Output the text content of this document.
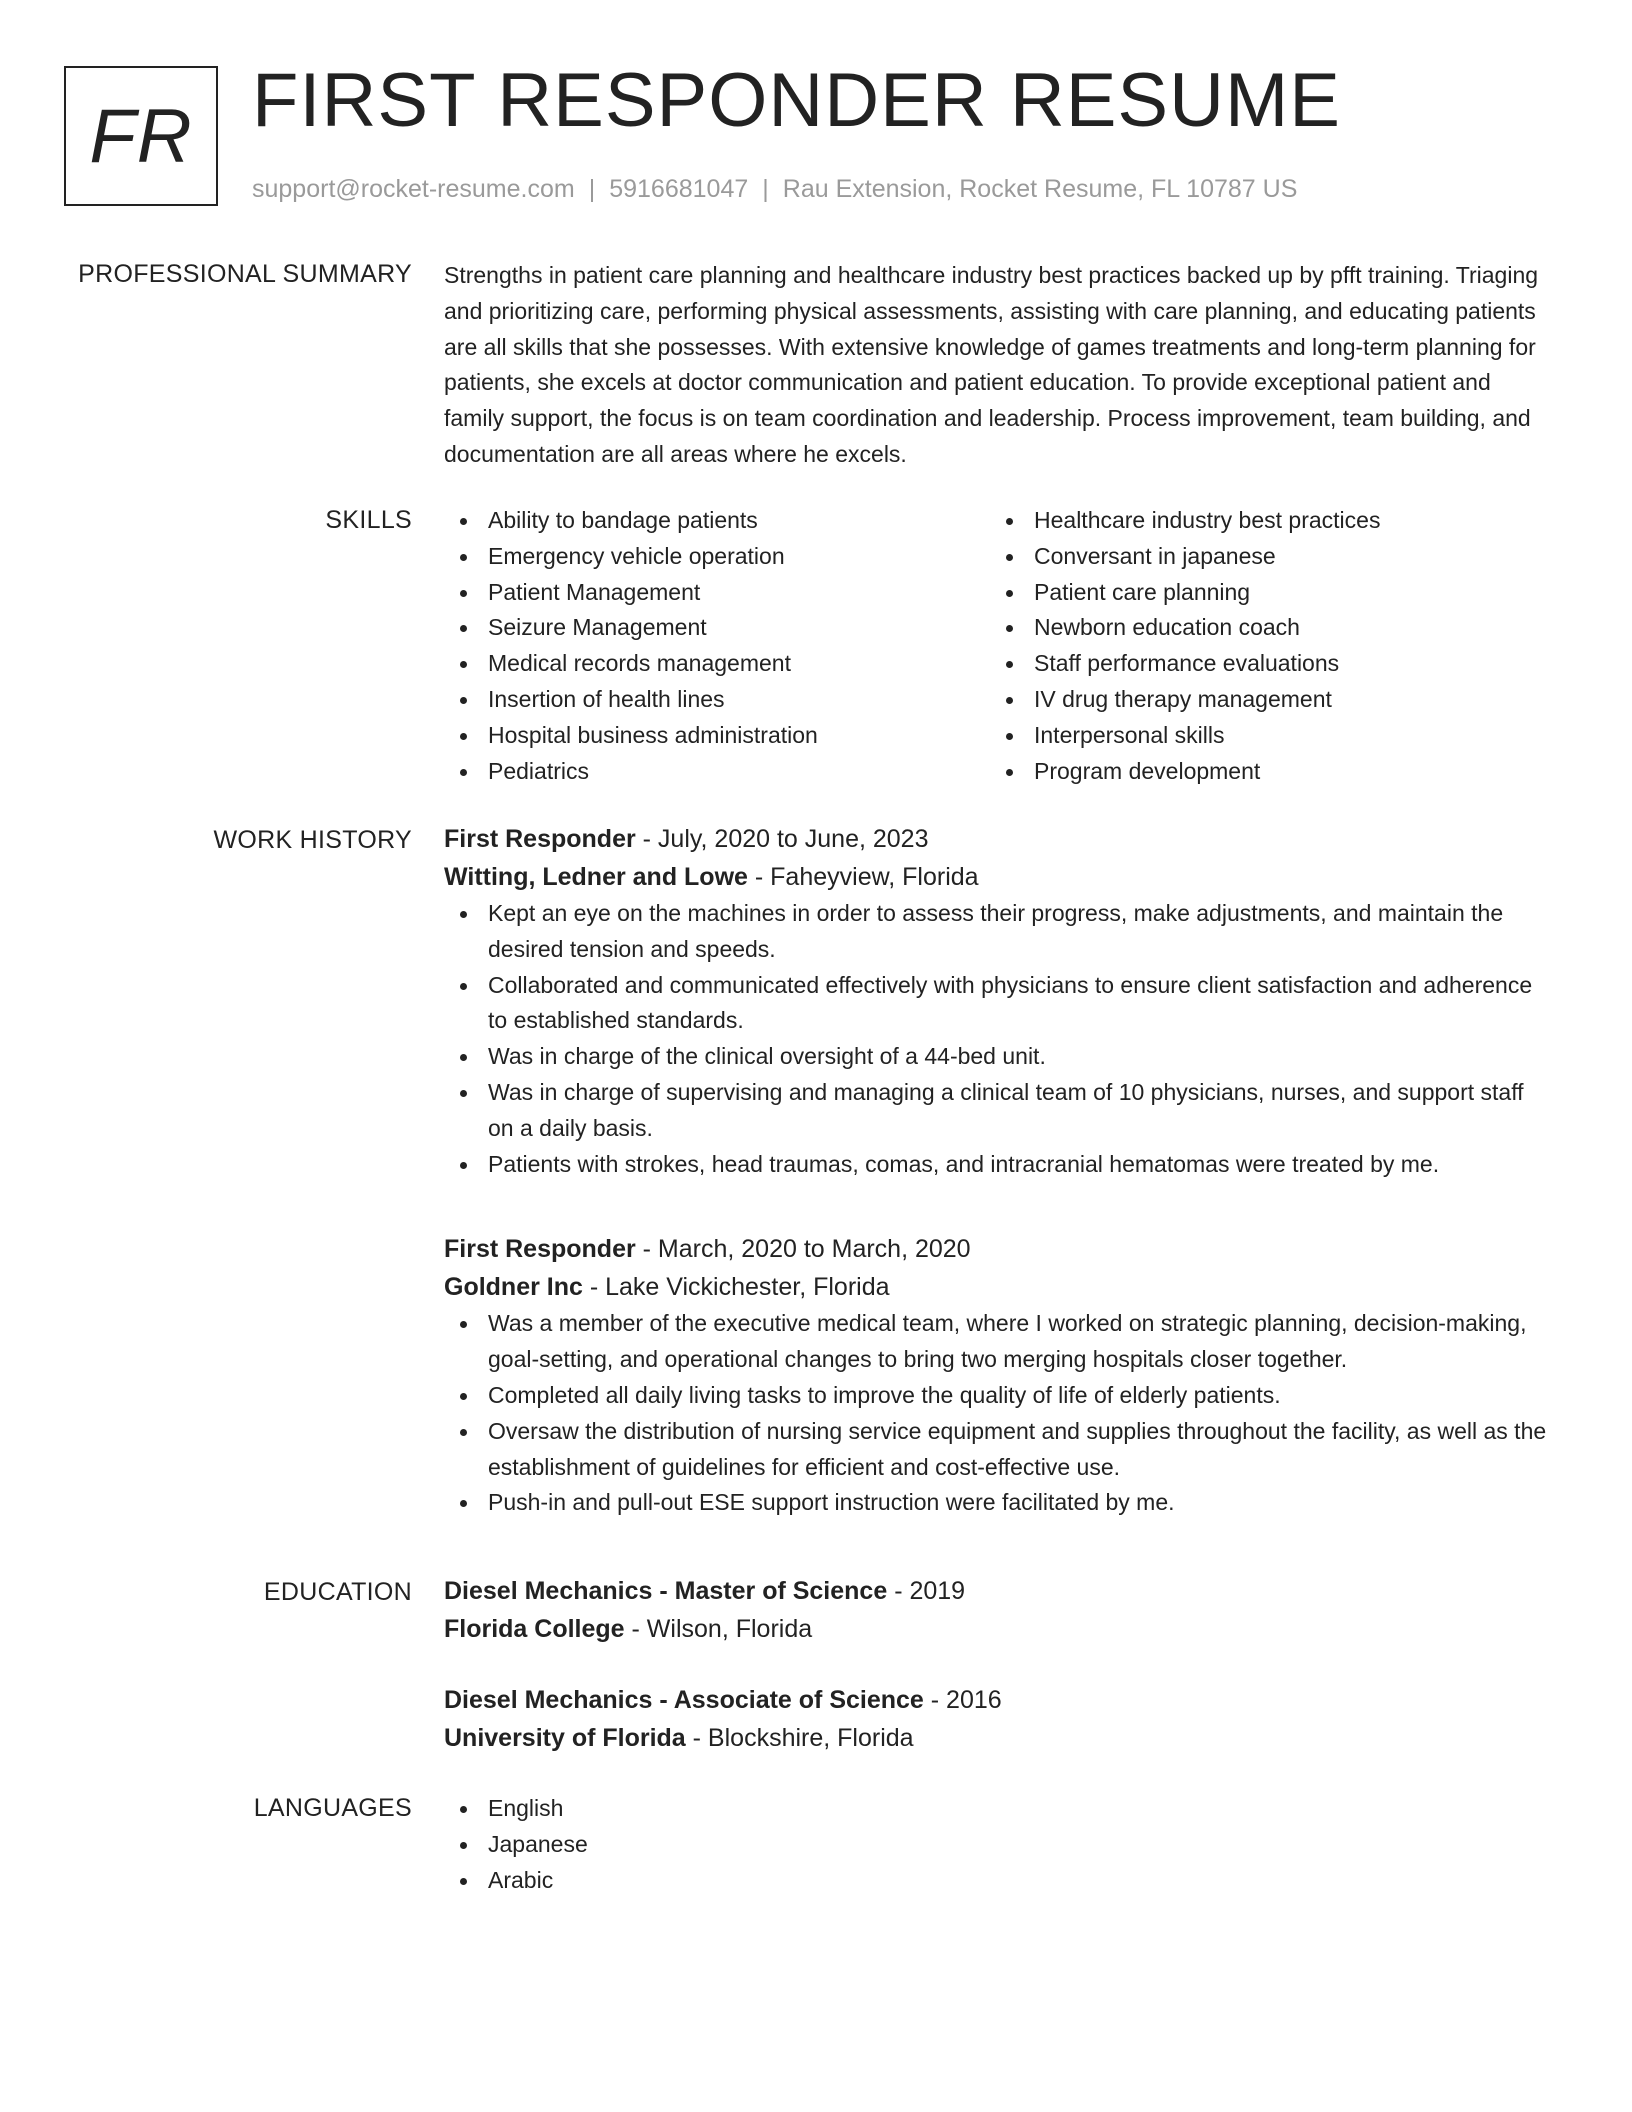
FR FIRST RESPONDER RESUME
support@rocket-resume.com | 5916681047 | Rau Extension, Rocket Resume, FL 10787 US
PROFESSIONAL SUMMARY Strengths in patient care planning and healthcare industry best practices backed up by pfft training. Triaging and prioritizing care, performing physical assessments, assisting with care planning, and educating patients are all skills that she possesses. With extensive knowledge of games treatments and long-term planning for patients, she excels at doctor communication and patient education. To provide exceptional patient and family support, the focus is on team coordination and leadership. Process improvement, team building, and documentation are all areas where he excels.

SKILLS	Ability to bandage patients
Emergency vehicle operation
Patient Management
Seizure Management
Medical records management
Insertion of health lines
Hospital business administration
Pediatrics
Healthcare industry best practices
Conversant in japanese
Patient care planning
Newborn education coach
Staff performance evaluations
IV drug therapy management
Interpersonal skills
Program development
WORK HISTORY First Responder - July, 2020 to June, 2023
Witting, Ledner and Lowe - Faheyview, Florida
Kept an eye on the machines in order to assess their progress, make adjustments, and maintain the desired tension and speeds.
Collaborated and communicated effectively with physicians to ensure client satisfaction and adherence to established standards.
Was in charge of the clinical oversight of a 44-bed unit.
Was in charge of supervising and managing a clinical team of 10 physicians, nurses, and support staff on a daily basis.
Patients with strokes, head traumas, comas, and intracranial hematomas were treated by me.
First Responder - March, 2020 to March, 2020
Goldner Inc - Lake Vickichester, Florida
Was a member of the executive medical team, where I worked on strategic planning, decision-making, goal-setting, and operational changes to bring two merging hospitals closer together.
Completed all daily living tasks to improve the quality of life of elderly patients.
Oversaw the distribution of nursing service equipment and supplies throughout the facility, as well as the establishment of guidelines for efficient and cost-effective use.
Push-in and pull-out ESE support instruction were facilitated by me.
EDUCATION Diesel Mechanics - Master of Science - 2019
Florida College - Wilson, Florida
Diesel Mechanics - Associate of Science - 2016
University of Florida - Blockshire, Florida
LANGUAGES	English
Japanese
Arabic
